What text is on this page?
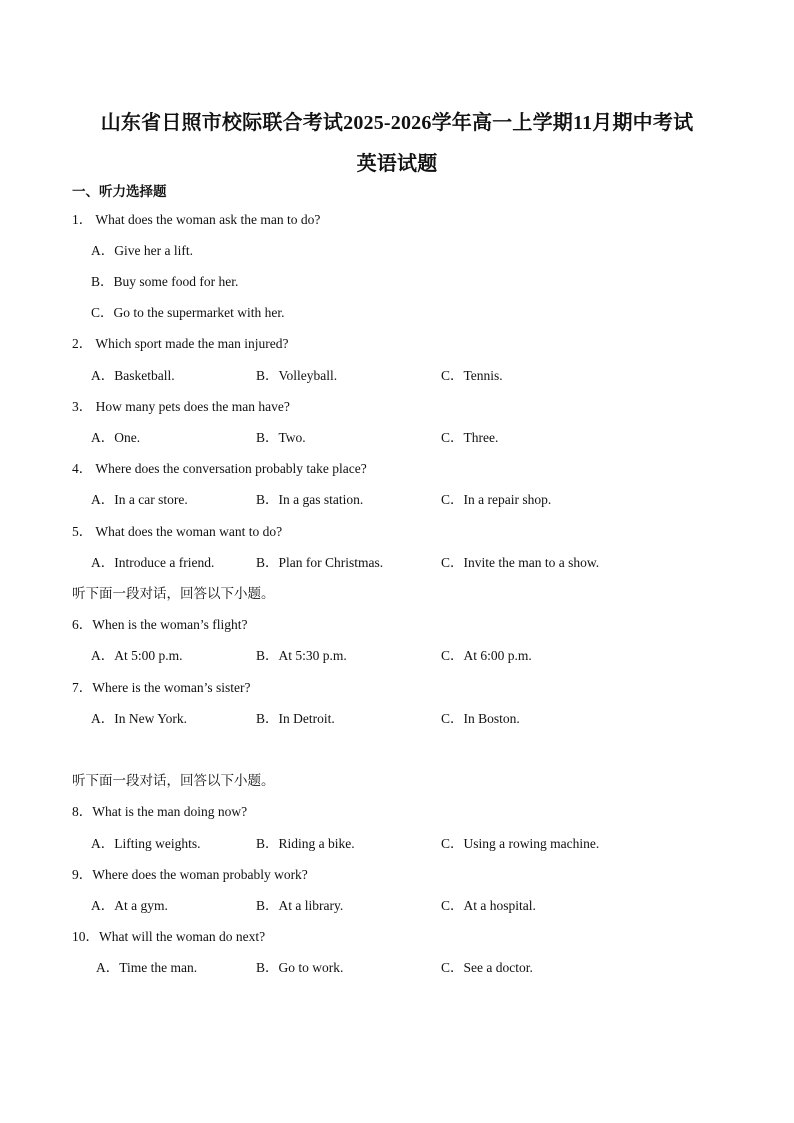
山东省日照市校际联合考试2025-2026学年高一上学期11月期中考试
英语试题
一、听力选择题
1． What does the woman ask the man to do?
A．Give her a lift.
B．Buy some food for her.
C．Go to the supermarket with her.
2． Which sport made the man injured?
A．Basketball.	B．Volleyball.	C．Tennis.
3． How many pets does the man have?
A．One.	B．Two.	C．Three.
4． Where does the conversation probably take place?
A．In a car store.	B．In a gas station.	C．In a repair shop.
5． What does the woman want to do?
A．Introduce a friend.	B．Plan for Christmas.	C．Invite the man to a show.
听下面一段对话，回答以下小题。
6．When is the woman’s flight?
A．At 5:00 p.m.	B．At 5:30 p.m.	C．At 6:00 p.m.
7．Where is the woman’s sister?
A．In New York.	B．In Detroit.	C．In Boston.
听下面一段对话，回答以下小题。
8．What is the man doing now?
A．Lifting weights.	B．Riding a bike.	C．Using a rowing machine.
9．Where does the woman probably work?
A．At a gym.	B．At a library.	C．At a hospital.
10．What will the woman do next?
A．Time the man.	B．Go to work.	C．See a doctor.
